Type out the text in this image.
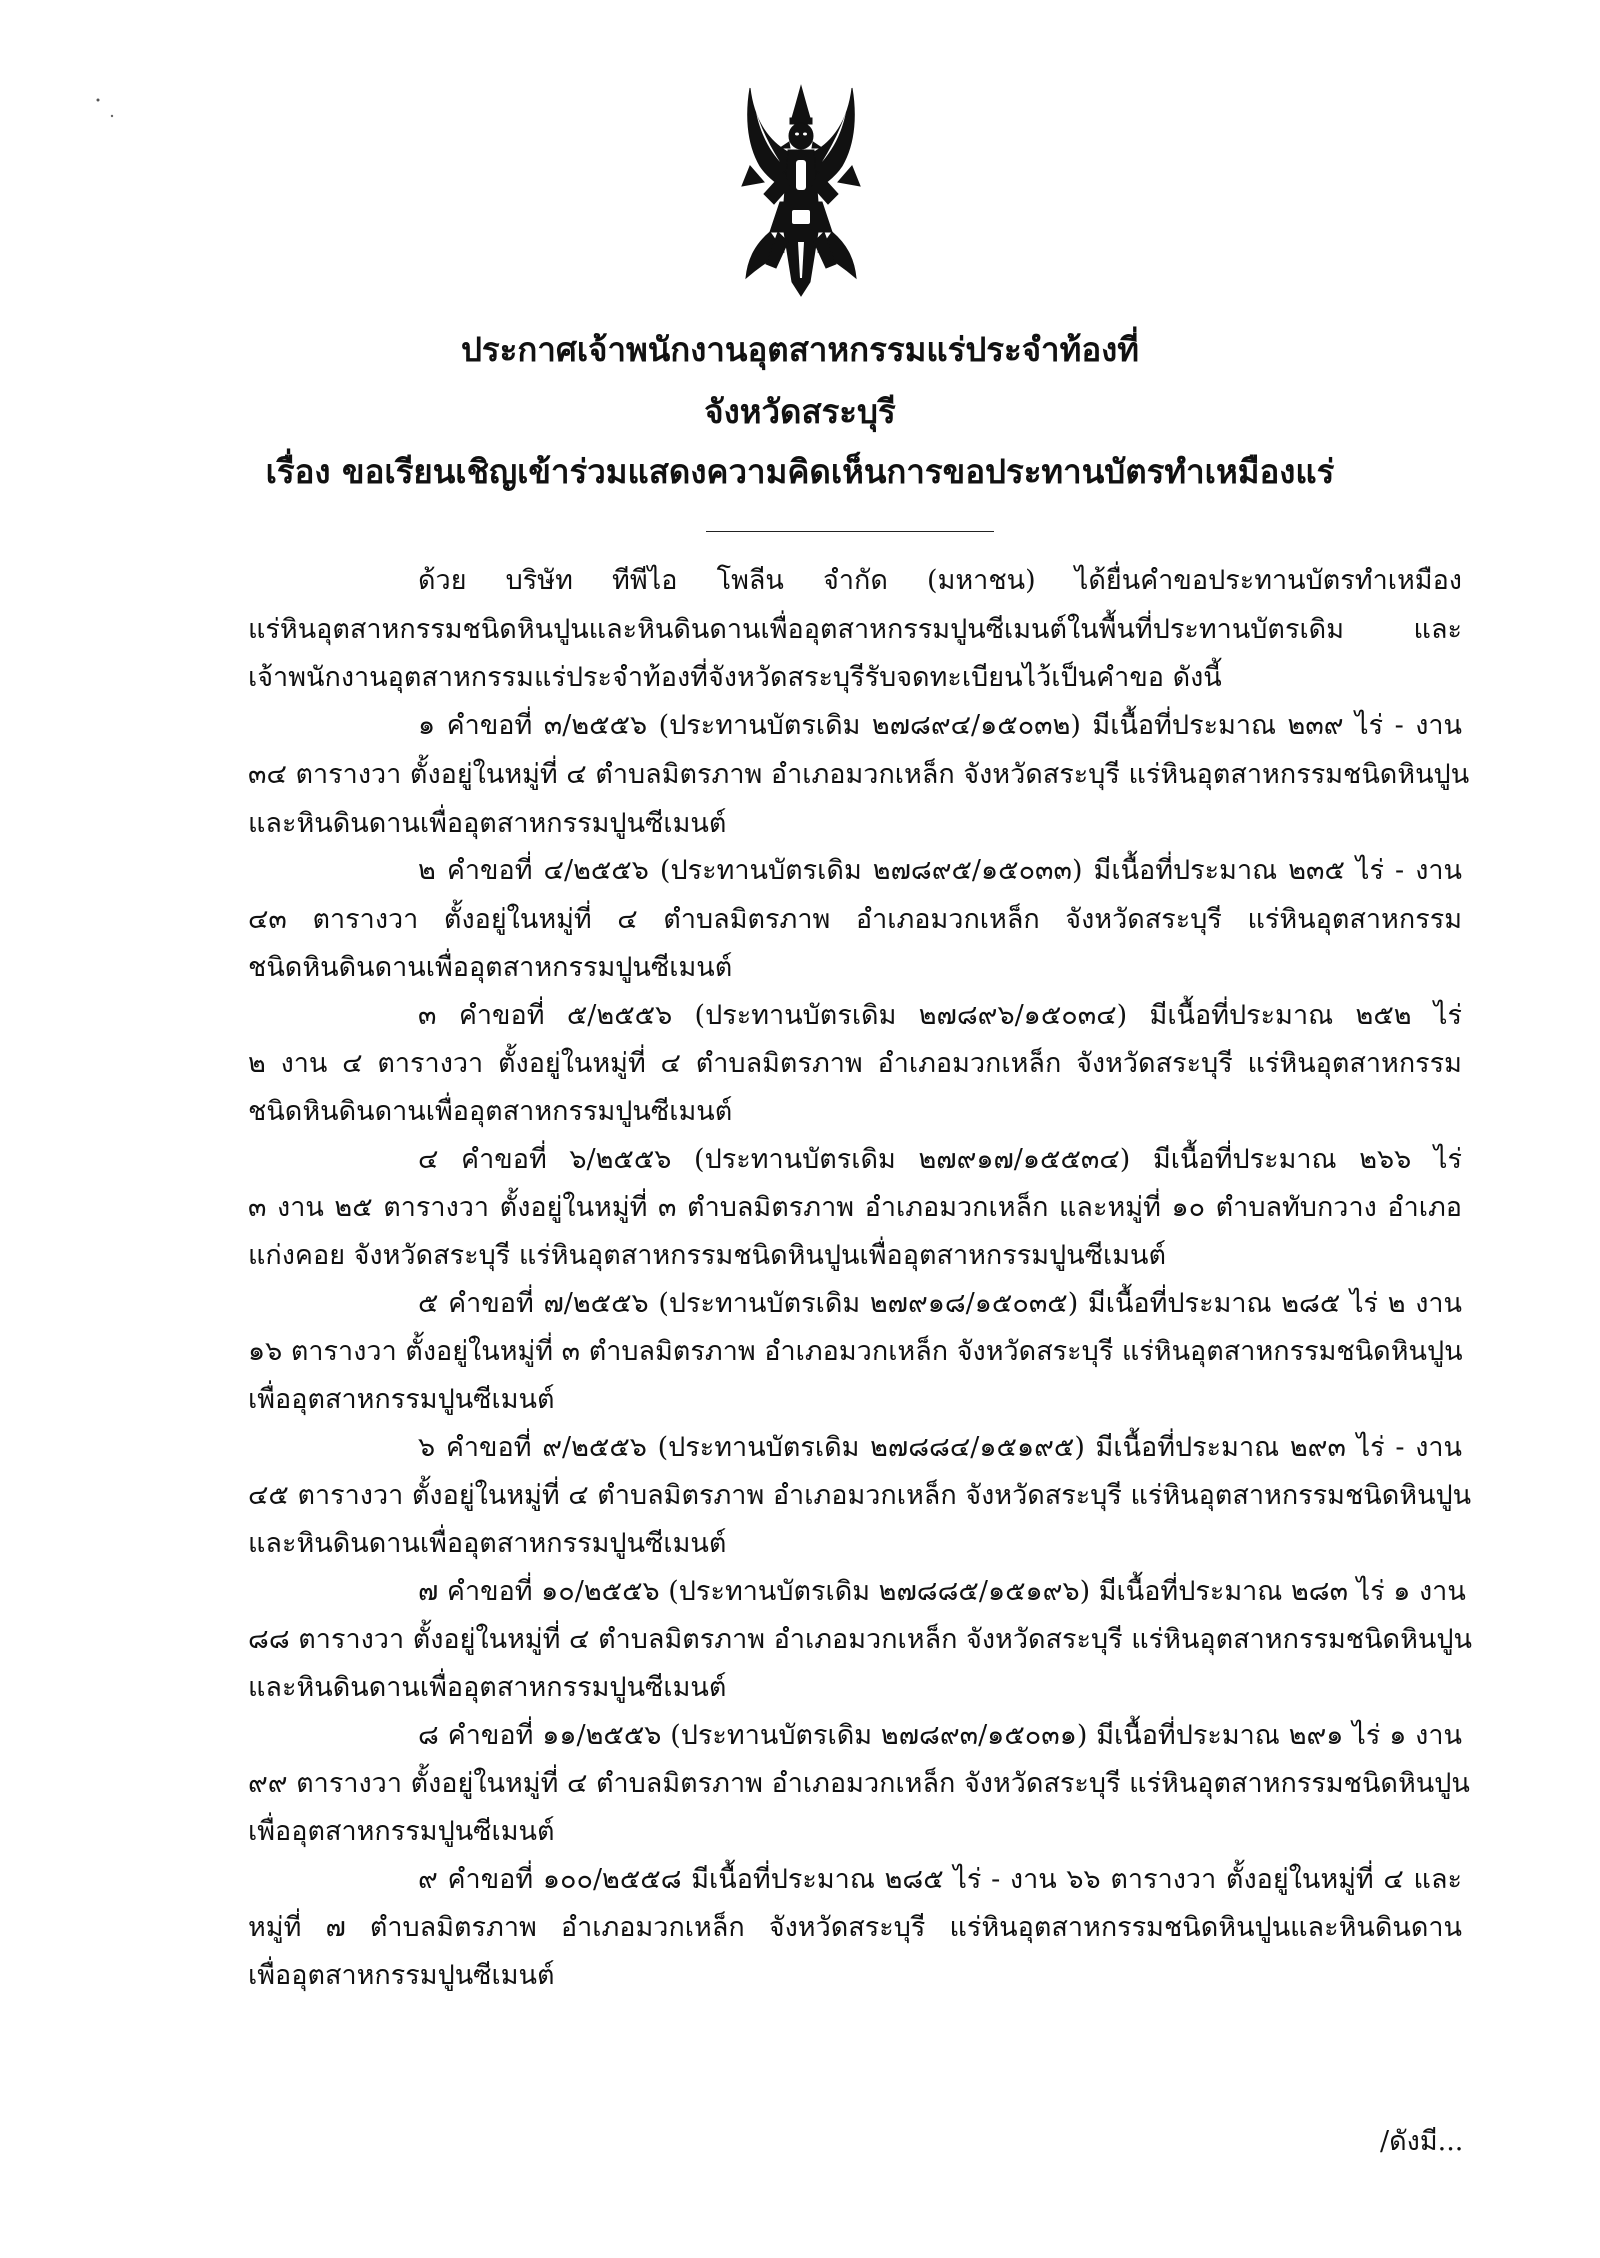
ประกาศเจ้าพนักงานอุตสาหกรรมแร่ประจำท้องที่
จังหวัดสระบุรี
เรื่อง ขอเรียนเชิญเข้าร่วมแสดงความคิดเห็นการขอประทานบัตรทำเหมืองแร่
ด้วย บริษัท ทีพีไอ โพลีน จำกัด (มหาชน) ได้ยื่นคำขอประทานบัตรทำเหมือง
แร่หินอุตสาหกรรมชนิดหินปูนและหินดินดานเพื่ออุตสาหกรรมปูนซีเมนต์ในพื้นที่ประทานบัตรเดิม และ
เจ้าพนักงานอุตสาหกรรมแร่ประจำท้องที่จังหวัดสระบุรีรับจดทะเบียนไว้เป็นคำขอ ดังนี้
๑ คำขอที่ ๓/๒๕๕๖ (ประทานบัตรเดิม ๒๗๘๙๔/๑๕๐๓๒) มีเนื้อที่ประมาณ ๒๓๙ ไร่ - งาน
๓๔ ตารางวา ตั้งอยู่ในหมู่ที่ ๔ ตำบลมิตรภาพ อำเภอมวกเหล็ก จังหวัดสระบุรี แร่หินอุตสาหกรรมชนิดหินปูน
และหินดินดานเพื่ออุตสาหกรรมปูนซีเมนต์
๒ คำขอที่ ๔/๒๕๕๖ (ประทานบัตรเดิม ๒๗๘๙๕/๑๕๐๓๓) มีเนื้อที่ประมาณ ๒๓๕ ไร่ - งาน
๔๓ ตารางวา ตั้งอยู่ในหมู่ที่ ๔ ตำบลมิตรภาพ อำเภอมวกเหล็ก จังหวัดสระบุรี แร่หินอุตสาหกรรม
ชนิดหินดินดานเพื่ออุตสาหกรรมปูนซีเมนต์
๓ คำขอที่ ๕/๒๕๕๖ (ประทานบัตรเดิม ๒๗๘๙๖/๑๕๐๓๔) มีเนื้อที่ประมาณ ๒๕๒ ไร่
๒ งาน ๔ ตารางวา ตั้งอยู่ในหมู่ที่ ๔ ตำบลมิตรภาพ อำเภอมวกเหล็ก จังหวัดสระบุรี แร่หินอุตสาหกรรม
ชนิดหินดินดานเพื่ออุตสาหกรรมปูนซีเมนต์
๔ คำขอที่ ๖/๒๕๕๖ (ประทานบัตรเดิม ๒๗๙๑๗/๑๕๕๓๔) มีเนื้อที่ประมาณ ๒๖๖ ไร่
๓ งาน ๒๕ ตารางวา ตั้งอยู่ในหมู่ที่ ๓ ตำบลมิตรภาพ อำเภอมวกเหล็ก และหมู่ที่ ๑๐ ตำบลทับกวาง อำเภอ
แก่งคอย จังหวัดสระบุรี แร่หินอุตสาหกรรมชนิดหินปูนเพื่ออุตสาหกรรมปูนซีเมนต์
๕ คำขอที่ ๗/๒๕๕๖ (ประทานบัตรเดิม ๒๗๙๑๘/๑๕๐๓๕) มีเนื้อที่ประมาณ ๒๘๕ ไร่ ๒ งาน
๑๖ ตารางวา ตั้งอยู่ในหมู่ที่ ๓ ตำบลมิตรภาพ อำเภอมวกเหล็ก จังหวัดสระบุรี แร่หินอุตสาหกรรมชนิดหินปูน
เพื่ออุตสาหกรรมปูนซีเมนต์
๖ คำขอที่ ๙/๒๕๕๖ (ประทานบัตรเดิม ๒๗๘๘๔/๑๕๑๙๕) มีเนื้อที่ประมาณ ๒๙๓ ไร่ - งาน
๔๕ ตารางวา ตั้งอยู่ในหมู่ที่ ๔ ตำบลมิตรภาพ อำเภอมวกเหล็ก จังหวัดสระบุรี แร่หินอุตสาหกรรมชนิดหินปูน
และหินดินดานเพื่ออุตสาหกรรมปูนซีเมนต์
๗ คำขอที่ ๑๐/๒๕๕๖ (ประทานบัตรเดิม ๒๗๘๘๕/๑๕๑๙๖) มีเนื้อที่ประมาณ ๒๘๓ ไร่ ๑ งาน
๘๘ ตารางวา ตั้งอยู่ในหมู่ที่ ๔ ตำบลมิตรภาพ อำเภอมวกเหล็ก จังหวัดสระบุรี แร่หินอุตสาหกรรมชนิดหินปูน
และหินดินดานเพื่ออุตสาหกรรมปูนซีเมนต์
๘ คำขอที่ ๑๑/๒๕๕๖ (ประทานบัตรเดิม ๒๗๘๙๓/๑๕๐๓๑) มีเนื้อที่ประมาณ ๒๙๑ ไร่ ๑ งาน
๙๙ ตารางวา ตั้งอยู่ในหมู่ที่ ๔ ตำบลมิตรภาพ อำเภอมวกเหล็ก จังหวัดสระบุรี แร่หินอุตสาหกรรมชนิดหินปูน
เพื่ออุตสาหกรรมปูนซีเมนต์
๙ คำขอที่ ๑๐๐/๒๕๕๘ มีเนื้อที่ประมาณ ๒๘๕ ไร่ - งาน ๖๖ ตารางวา ตั้งอยู่ในหมู่ที่ ๔ และ
หมู่ที่ ๗ ตำบลมิตรภาพ อำเภอมวกเหล็ก จังหวัดสระบุรี แร่หินอุตสาหกรรมชนิดหินปูนและหินดินดาน
เพื่ออุตสาหกรรมปูนซีเมนต์
/ดังมี...
